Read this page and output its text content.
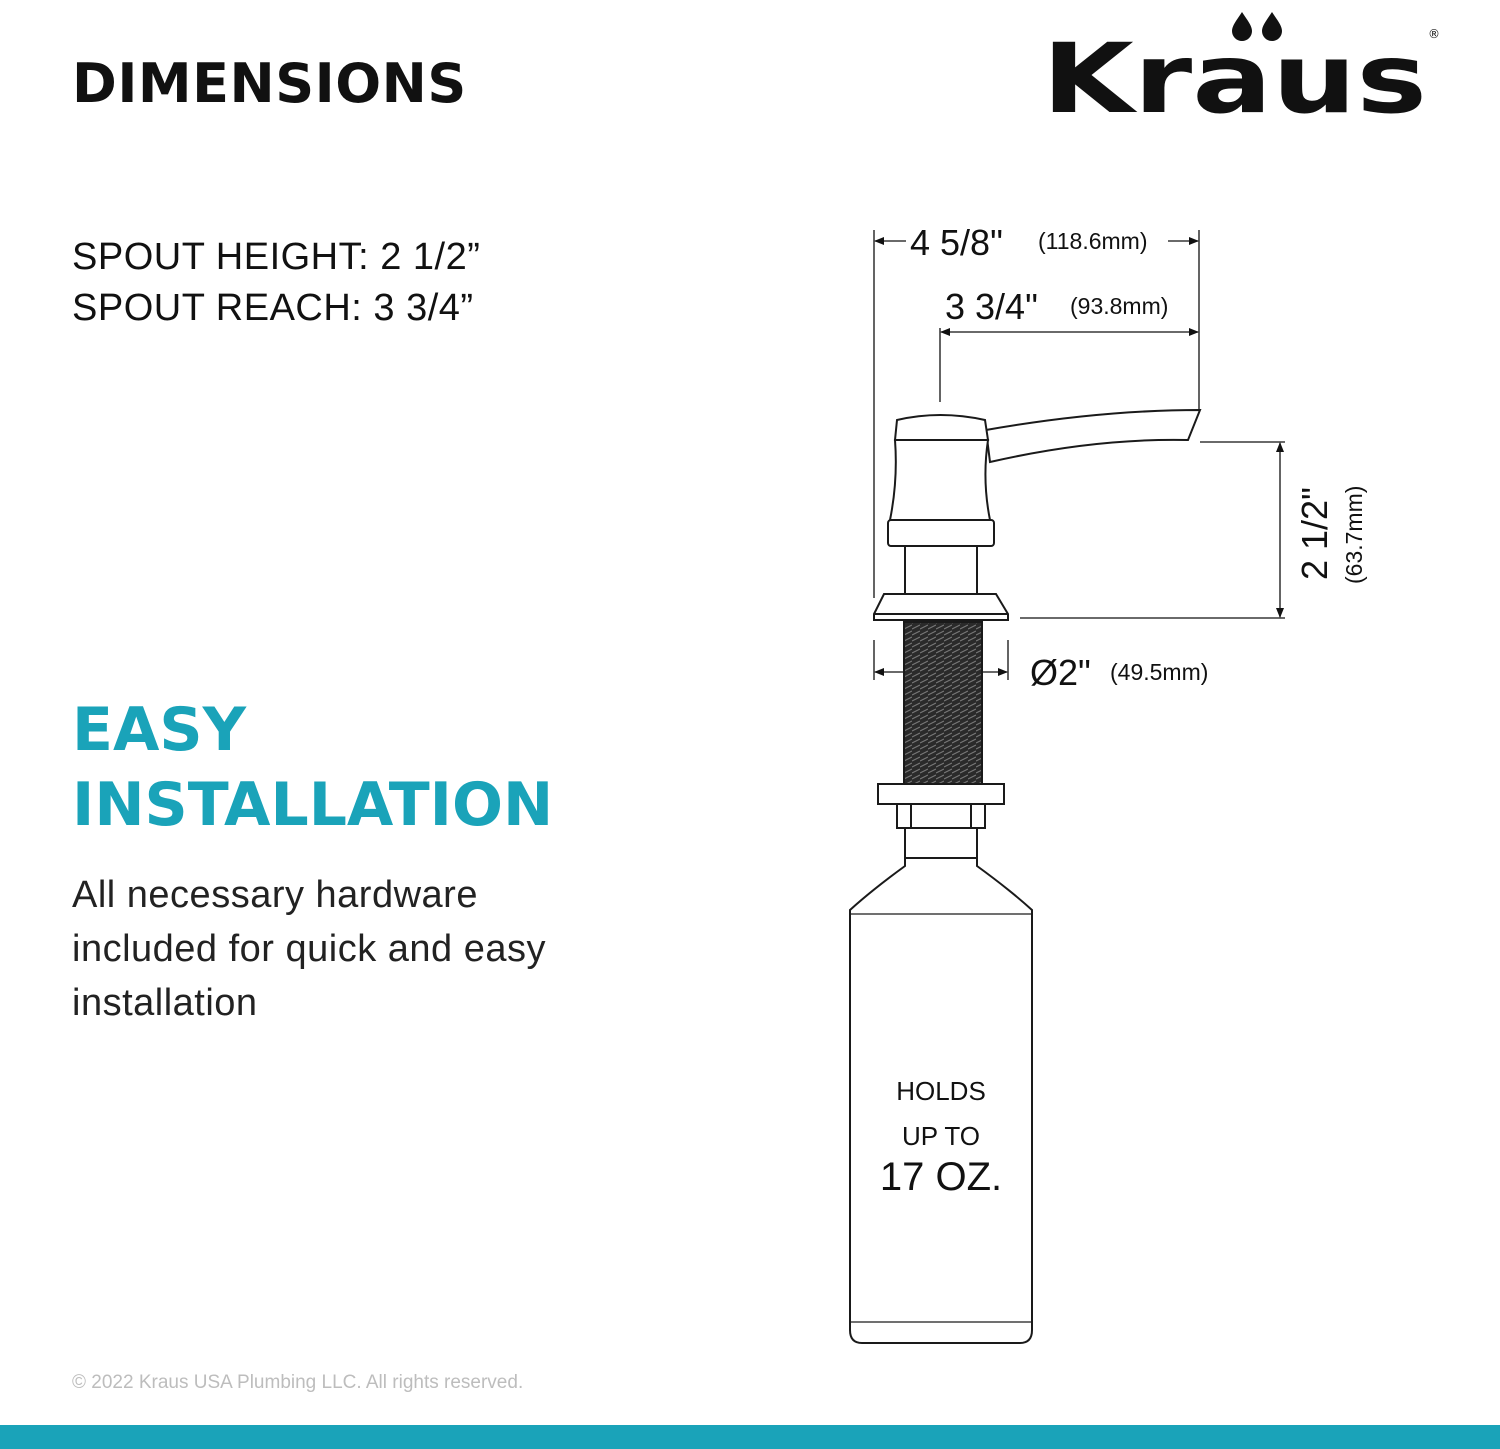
DIMENSIONS	Kraus ®

SPOUT HEIGHT: 2 1/2”

SPOUT REACH: 3 3/4”

EASY
INSTALLATION

All necessary hardware included for quick and easy installation

4 5/8" (118.6mm)
3 3/4" (93.8mm)
Ø2" (49.5mm)
2 1/2" (63.7mm)
HOLDS
UP TO
17 OZ.

© 2022 Kraus USA Plumbing LLC. All rights reserved.
